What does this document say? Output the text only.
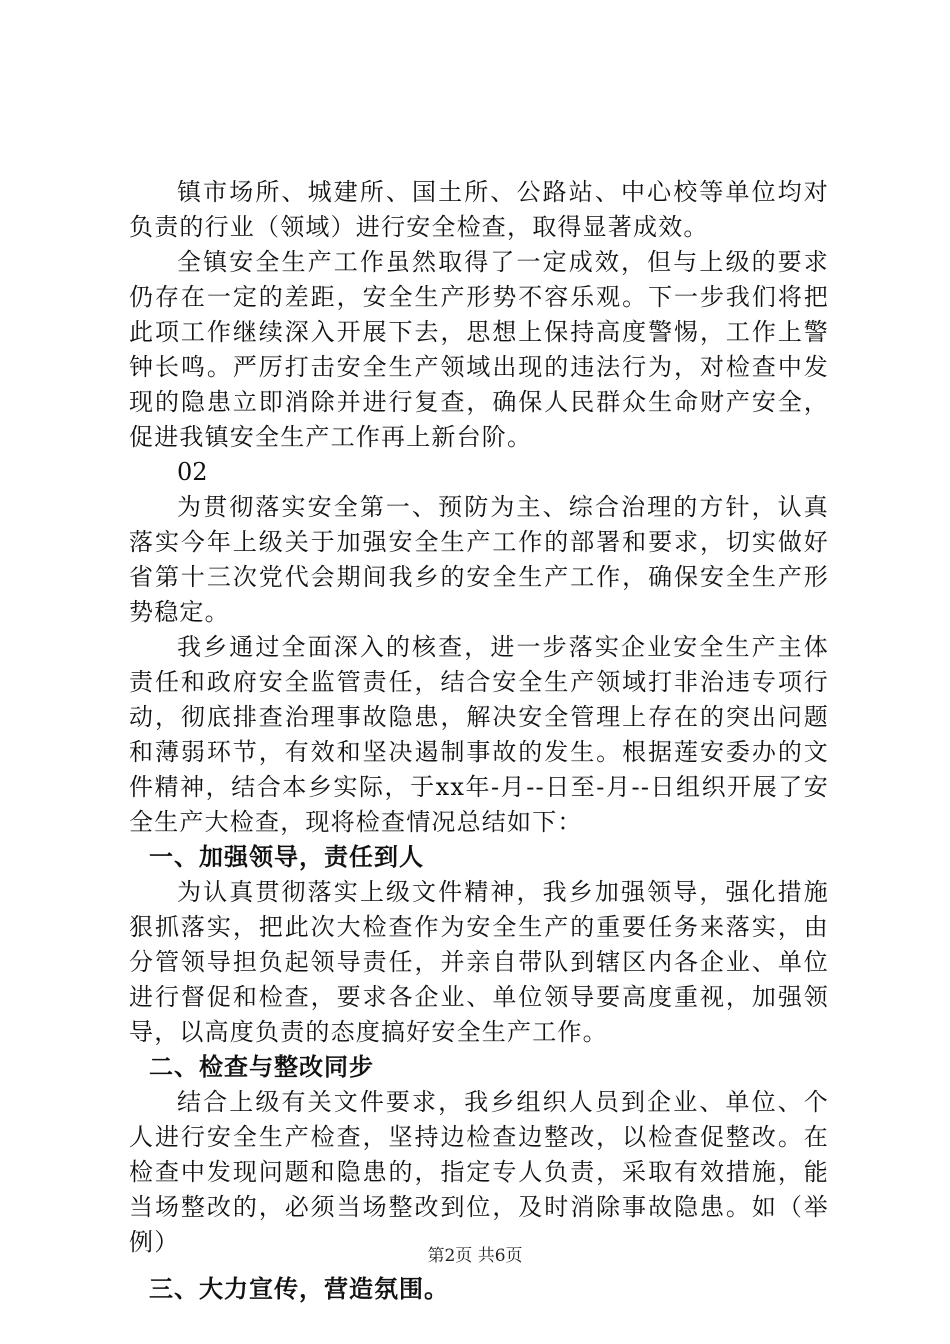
镇市场所、城建所、国土所、公路站、中心校等单位均对负责的行业（领域）进行安全检查，取得显著成效。

全镇安全生产工作虽然取得了一定成效，但与上级的要求仍存在一定的差距，安全生产形势不容乐观。下一步我们将把此项工作继续深入开展下去，思想上保持高度警惕，工作上警钟长鸣。严厉打击安全生产领域出现的违法行为，对检查中发现的隐患立即消除并进行复查，确保人民群众生命财产安全，促进我镇安全生产工作再上新台阶。

02

为贯彻落实安全第一、预防为主、综合治理的方针，认真落实今年上级关于加强安全生产工作的部署和要求，切实做好省第十三次党代会期间我乡的安全生产工作，确保安全生产形势稳定。

我乡通过全面深入的核查，进一步落实企业安全生产主体责任和政府安全监管责任，结合安全生产领域打非治违专项行动，彻底排查治理事故隐患，解决安全管理上存在的突出问题和薄弱环节，有效和坚决遏制事故的发生。根据莲安委办的文件精神，结合本乡实际，于xx年-月--日至-月--日组织开展了安全生产大检查，现将检查情况总结如下：

一、加强领导，责任到人

为认真贯彻落实上级文件精神，我乡加强领导，强化措施狠抓落实，把此次大检查作为安全生产的重要任务来落实，由分管领导担负起领导责任，并亲自带队到辖区内各企业、单位进行督促和检查，要求各企业、单位领导要高度重视，加强领导，以高度负责的态度搞好安全生产工作。

二、检查与整改同步

结合上级有关文件要求，我乡组织人员到企业、单位、个人进行安全生产检查，坚持边检查边整改，以检查促整改。在检查中发现问题和隐患的，指定专人负责，采取有效措施，能当场整改的，必须当场整改到位，及时消除事故隐患。如（举例）

三、大力宣传，营造氛围。

第2页 共6页
